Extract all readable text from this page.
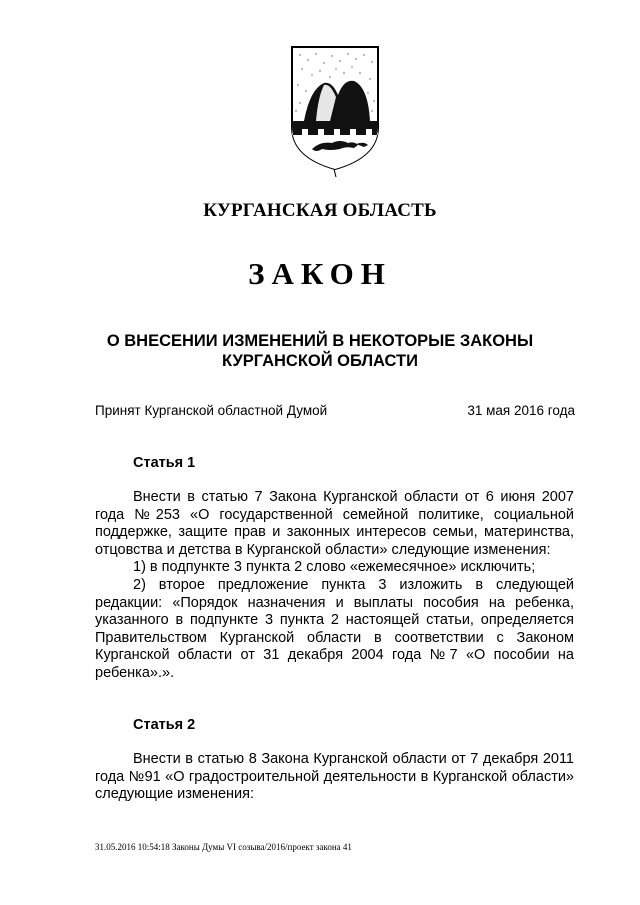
КУРГАНСКАЯ ОБЛАСТЬ
ЗАКОН
О ВНЕСЕНИИ ИЗМЕНЕНИЙ В НЕКОТОРЫЕ ЗАКОНЫ
КУРГАНСКОЙ ОБЛАСТИ
Принят Курганской областной Думой	31 мая 2016 года
Статья 1

Внести в статью 7 Закона Курганской области от 6 июня 2007 года №253 «О государственной семейной политике, социальной поддержке, защите прав и законных интересов семьи, материнства, отцовства и детства в Курганской области» следующие изменения:

1) в подпункте 3 пункта 2 слово «ежемесячное» исключить;

2) второе предложение пункта 3 изложить в следующей редакции: «Порядок назначения и выплаты пособия на ребенка, указанного в подпункте 3 пункта 2 настоящей статьи, определяется Правительством Курганской области в соответствии с Законом Курганской области от 31 декабря 2004 года №7 «О пособии на ребенка».».

Статья 2

Внести в статью 8 Закона Курганской области от 7 декабря 2011 года №91 «О градостроительной деятельности в Курганской области» следующие изменения:

31.05.2016 10:54:18 Законы Думы VI созыва/2016/проект закона 41
